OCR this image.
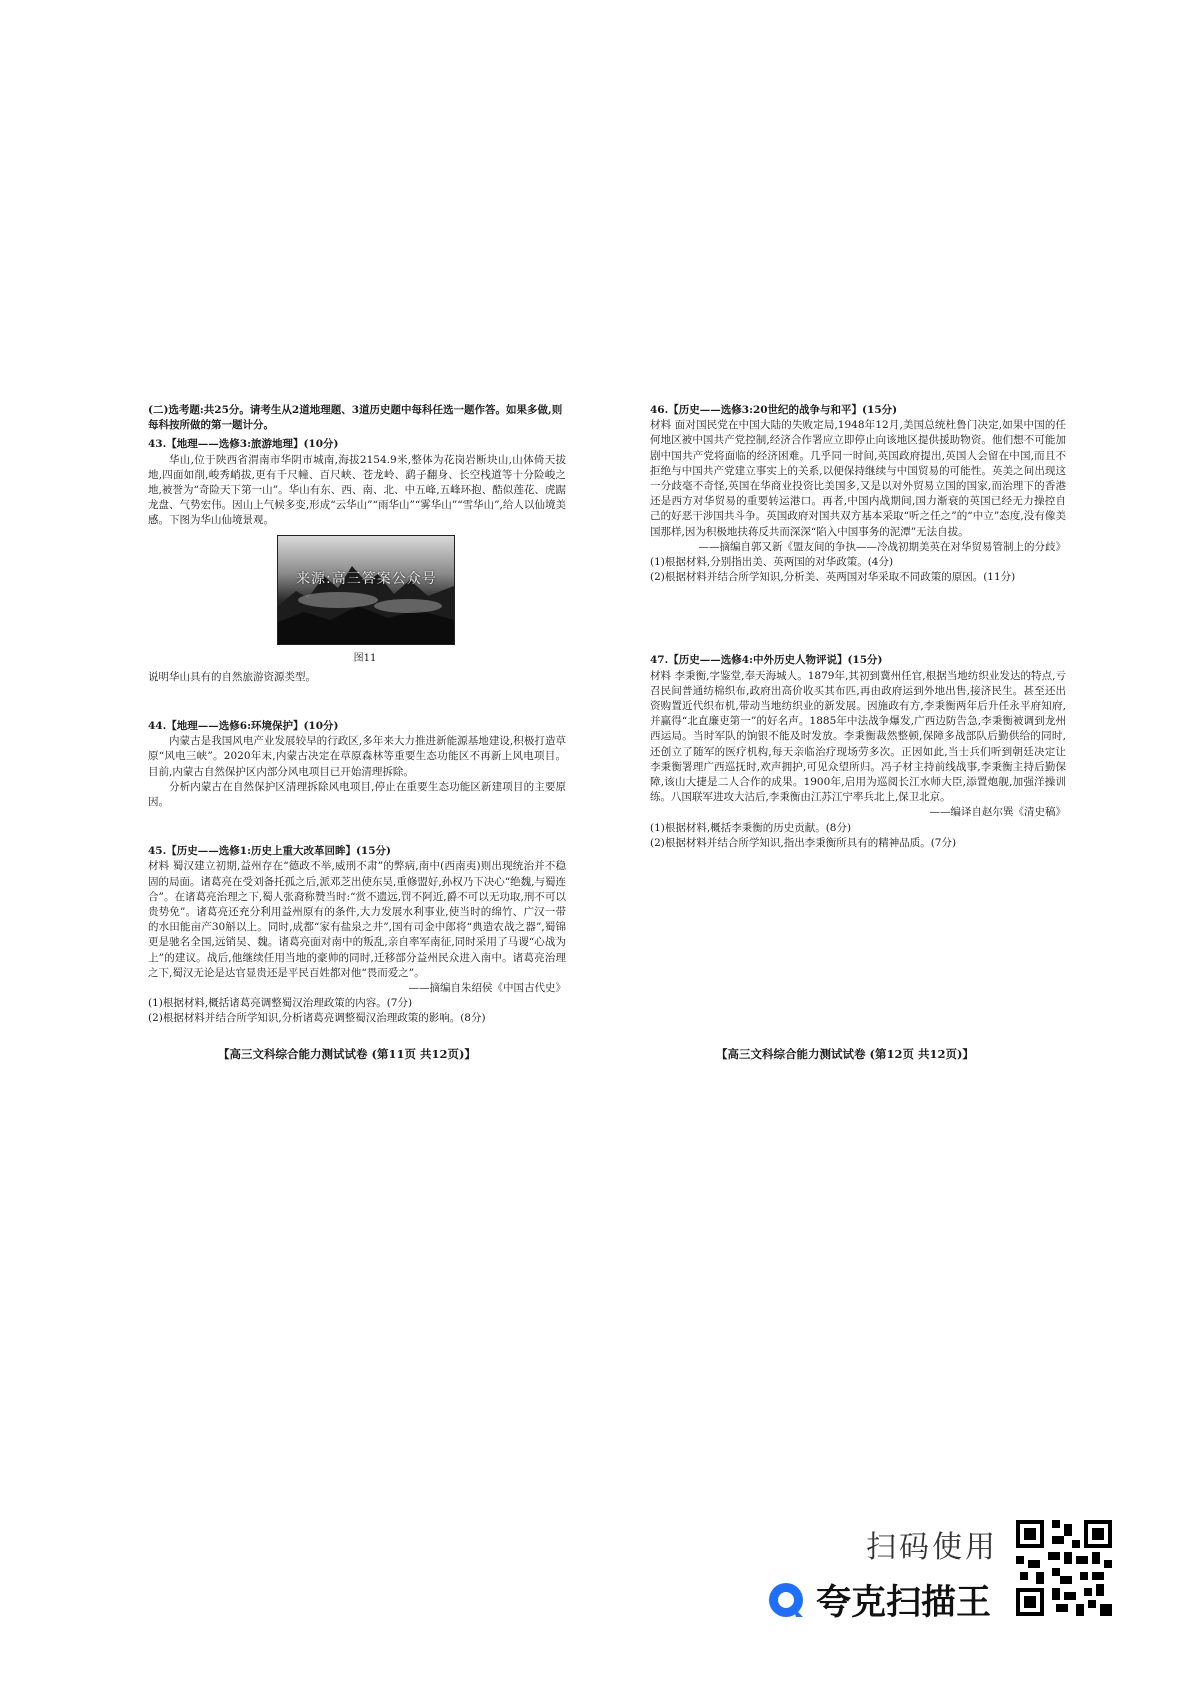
(二)选考题:共25分。请考生从2道地理题、3道历史题中每科任选一题作答。如果多做,则每科按所做的第一题计分。

43.【地理——选修3:旅游地理】(10分)

华山,位于陕西省渭南市华阴市城南,海拔2154.9米,整体为花岗岩断块山,山体倚天拔地,四面如削,峻秀峭拔,更有千尺幢、百尺峡、苍龙岭、鹞子翻身、长空栈道等十分险峻之地,被誉为“奇险天下第一山”。华山有东、西、南、北、中五峰,五峰环抱、酷似莲花、虎踞龙盘、气势宏伟。因山上气候多变,形成“云华山”“雨华山”“雾华山”“雪华山”,给人以仙境美感。下图为华山仙境景观。

来源:高三答案公众号

图11

说明华山具有的自然旅游资源类型。

44.【地理——选修6:环境保护】(10分)

内蒙古是我国风电产业发展较早的行政区,多年来大力推进新能源基地建设,积极打造草原“风电三峡”。2020年末,内蒙古决定在草原森林等重要生态功能区不再新上风电项目。目前,内蒙古自然保护区内部分风电项目已开始清理拆除。

分析内蒙古在自然保护区清理拆除风电项目,停止在重要生态功能区新建项目的主要原因。

45.【历史——选修1:历史上重大改革回眸】(15分)

材料 蜀汉建立初期,益州存在“德政不举,威刑不肃”的弊病,南中(西南夷)则出现统治并不稳固的局面。诸葛亮在受刘备托孤之后,派邓芝出使东吴,重修盟好,孙权乃下决心“绝魏,与蜀连合”。在诸葛亮治理之下,蜀人张裔称赞当时:“赏不遗远,罚不阿近,爵不可以无功取,刑不可以贵势免”。诸葛亮还充分利用益州原有的条件,大力发展水利事业,使当时的绵竹、广汉一带的水田能亩产30斛以上。同时,成都“家有盐泉之井”,国有司金中郎将“典造农战之器”,蜀锦更是驰名全国,远销吴、魏。诸葛亮面对南中的叛乱,亲自率军南征,同时采用了马谡“心战为上”的建议。战后,他继续任用当地的豪帅的同时,迁移部分益州民众进入南中。诸葛亮治理之下,蜀汉无论是达官显贵还是平民百姓都对他“畏而爱之”。

——摘编自朱绍侯《中国古代史》

(1)根据材料,概括诸葛亮调整蜀汉治理政策的内容。(7分)

(2)根据材料并结合所学知识,分析诸葛亮调整蜀汉治理政策的影响。(8分)

46.【历史——选修3:20世纪的战争与和平】(15分)

材料 面对国民党在中国大陆的失败定局,1948年12月,美国总统杜鲁门决定,如果中国的任何地区被中国共产党控制,经济合作署应立即停止向该地区提供援助物资。他们想不可能加剧中国共产党将面临的经济困难。几乎同一时间,英国政府提出,英国人会留在中国,而且不拒绝与中国共产党建立事实上的关系,以便保持继续与中国贸易的可能性。英美之间出现这一分歧毫不奇怪,英国在华商业投资比美国多,又是以对外贸易立国的国家,而治理下的香港还是西方对华贸易的重要转运港口。再者,中国内战期间,国力渐衰的英国已经无力操控自己的好恶干涉国共斗争。英国政府对国共双方基本采取“听之任之”的“中立”态度,没有像美国那样,因为积极地扶蒋反共而深深“陷入中国事务的泥潭”无法自拔。

——摘编自郭又新《盟友间的争执——冷战初期美英在对华贸易管制上的分歧》

(1)根据材料,分别指出美、英两国的对华政策。(4分)

(2)根据材料并结合所学知识,分析美、英两国对华采取不同政策的原因。(11分)

47.【历史——选修4:中外历史人物评说】(15分)

材料 李秉衡,字鉴堂,奉天海城人。1879年,其初到冀州任官,根据当地纺织业发达的特点,亏召民间普通纺棉织布,政府出高价收买其布匹,再由政府运到外地出售,接济民生。甚至还出资购置近代织布机,带动当地纺织业的新发展。因施政有方,李秉衡两年后升任永平府知府,并赢得“北直廉吏第一”的好名声。1885年中法战争爆发,广西边防告急,李秉衡被调到龙州西运局。当时军队的饷银不能及时发放。李秉衡裁然整顿,保障多战部队后勤供给的同时,还创立了随军的医疗机构,每天亲临治疗现场劳多次。正因如此,当士兵们听到朝廷决定让李秉衡署理广西巡抚时,欢声拥护,可见众望所归。冯子材主持前线战事,李秉衡主持后勤保障,该山大捷是二人合作的成果。1900年,启用为巡阅长江水师大臣,添置炮舰,加强洋操训练。八国联军进攻大沽后,李秉衡由江苏江宁率兵北上,保卫北京。

——编译自赵尔巽《清史稿》

(1)根据材料,概括李秉衡的历史贡献。(8分)

(2)根据材料并结合所学知识,指出李秉衡所具有的精神品质。(7分)

【高三文科综合能力测试试卷 (第11页 共12页)】	【高三文科综合能力测试试卷 (第12页 共12页)】
扫码使用
夸克扫描王
